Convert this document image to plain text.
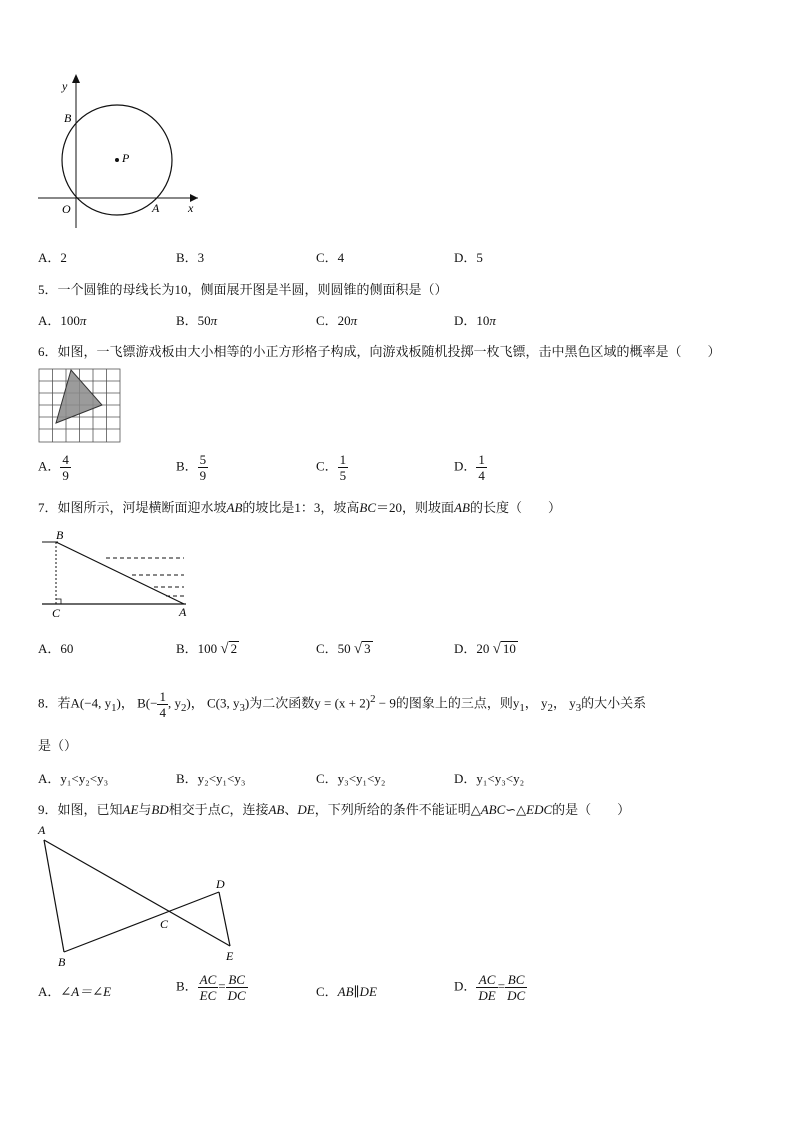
y
x
B
P
O	A
A．2	B．3	C．4	D．5
5．一个圆锥的母线长为10，侧面展开图是半圆，则圆锥的侧面积是（）
A．100π	B．50π	C．20π	D．10π
6．如图，一飞镖游戏板由大小相等的小正方形格子构成，向游戏板随机投掷一枚飞镖，击中黑色区域的概率是（　　）
A． $\frac{4}{9}$	B． $\frac{5}{9}$	C． $\frac{1}{5}$	D． $\frac{1}{4}$
7．如图所示，河堤横断面迎水坡AB的坡比是1：3，坡高BC＝20，则坡面AB的长度（　　）
B
C	A
A．60	B．100 √ 2	C．50 √ 3	D．20 √ 10
8．若A(−4, $y_1$)， $B(- \frac{1}{4}$ , $y_2$)， C(3, $y_3$)为二次函数$y = (x + 2)^2 - 9$的图象上的三点，则$y_1$， $y_2$， $y_3$的大小关系
是（）
A．y₁<y₂<y₃	B．y₂<y₁<y₃	C．y₃<y₁<y₂	D．y₁<y₃<y₂
9．如图，已知AE与BD相交于点C，连接AB、DE，下列所给的条件不能证明△ABC∽△EDC的是（　　）
A
D
C
B	E
A．∠A＝∠E	B． $\frac{AC}{EC} = \frac{BC}{DC}$	C．AB∥DE	D． $\frac{AC}{DE} = \frac{BC}{DC}$
